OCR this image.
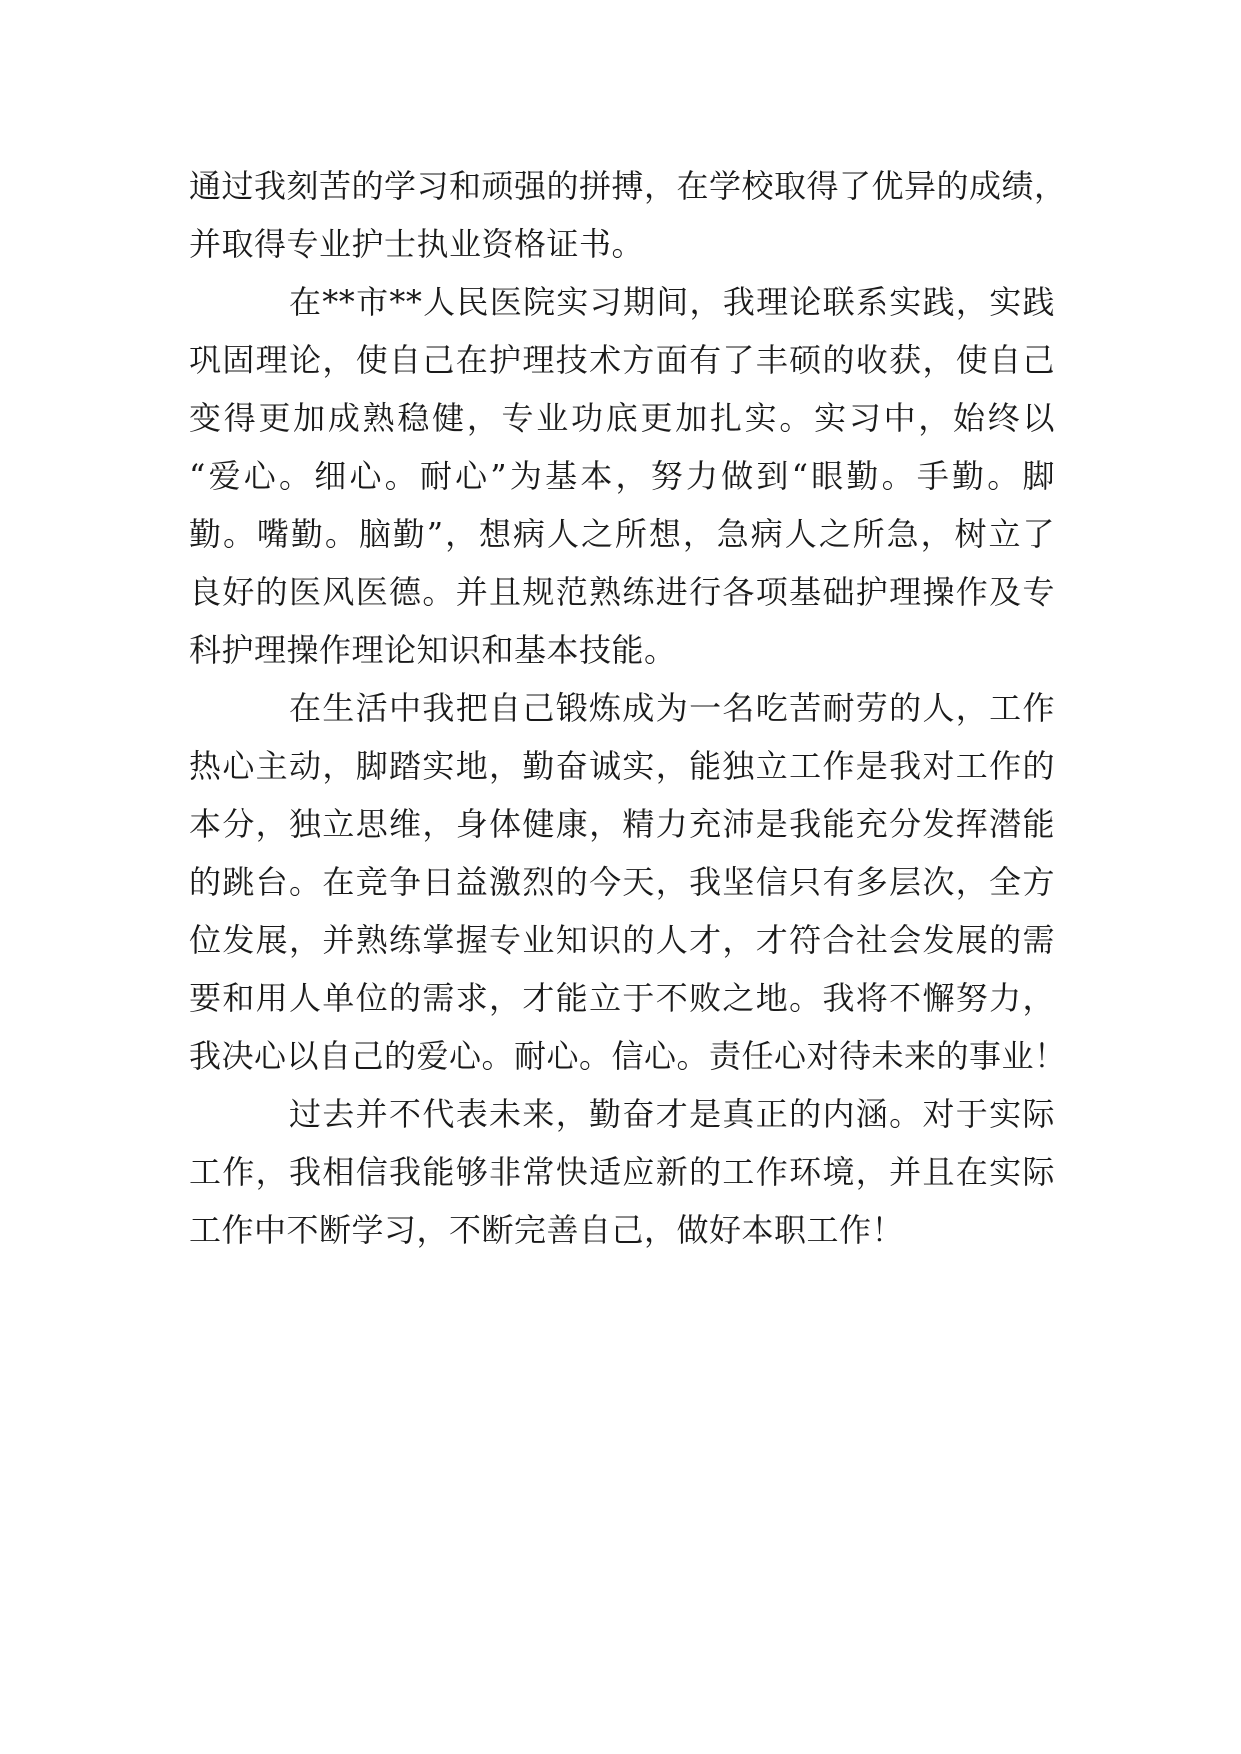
通过我刻苦的学习和顽强的拼搏，在学校取得了优异的成绩，
并取得专业护士执业资格证书。
在**市**人民医院实习期间，我理论联系实践，实践
巩固理论，使自己在护理技术方面有了丰硕的收获，使自己
变得更加成熟稳健，专业功底更加扎实。实习中，始终以
“爱心。细心。耐心”为基本，努力做到“眼勤。手勤。脚
勤。嘴勤。脑勤”，想病人之所想，急病人之所急，树立了
良好的医风医德。并且规范熟练进行各项基础护理操作及专
科护理操作理论知识和基本技能。
在生活中我把自己锻炼成为一名吃苦耐劳的人，工作
热心主动，脚踏实地，勤奋诚实，能独立工作是我对工作的
本分，独立思维，身体健康，精力充沛是我能充分发挥潜能
的跳台。在竞争日益激烈的今天，我坚信只有多层次，全方
位发展，并熟练掌握专业知识的人才，才符合社会发展的需
要和用人单位的需求，才能立于不败之地。我将不懈努力，
我决心以自己的爱心。耐心。信心。责任心对待未来的事业！
过去并不代表未来，勤奋才是真正的内涵。对于实际
工作，我相信我能够非常快适应新的工作环境，并且在实际
工作中不断学习，不断完善自己，做好本职工作！
